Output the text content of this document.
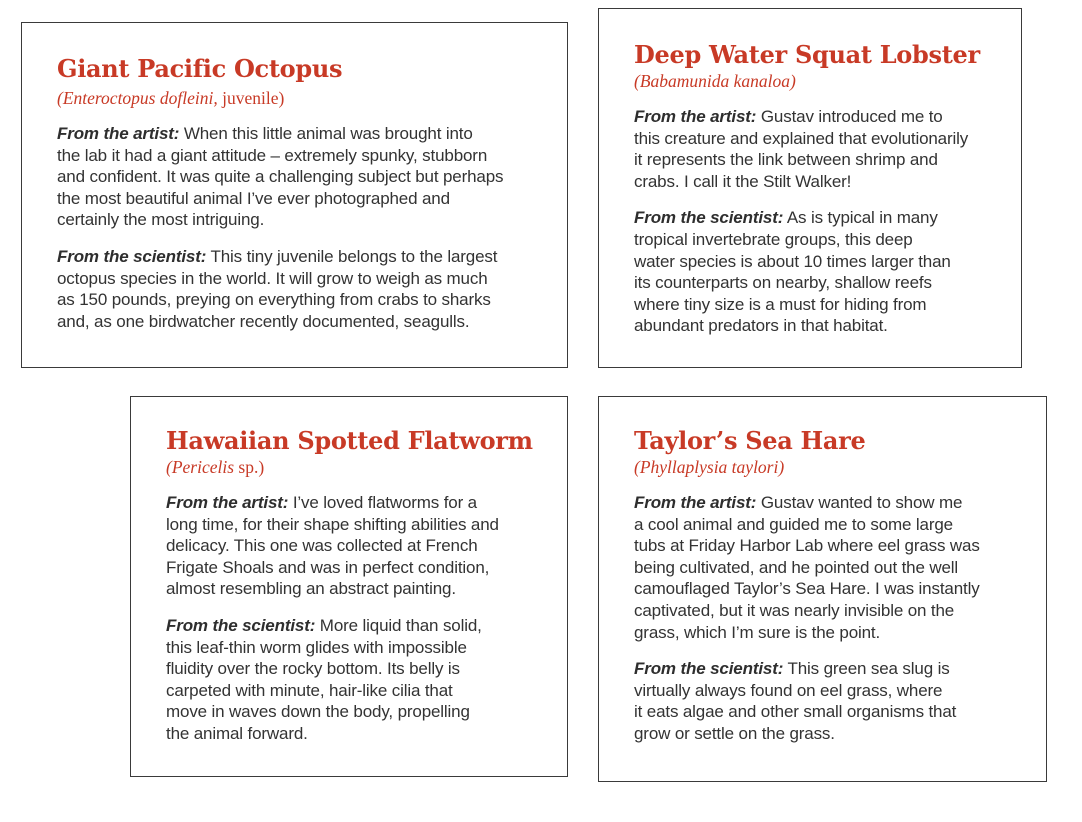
Giant Pacific Octopus

(Enteroctopus dofleini, juvenile)

From the artist: When this little animal was brought into
the lab it had a giant attitude – extremely spunky, stubborn
and confident. It was quite a challenging subject but perhaps
the most beautiful animal I’ve ever photographed and
certainly the most intriguing.

From the scientist: This tiny juvenile belongs to the largest
octopus species in the world. It will grow to weigh as much
as 150 pounds, preying on everything from crabs to sharks
and, as one birdwatcher recently documented, seagulls.

Deep Water Squat Lobster

(Babamunida kanaloa)

From the artist: Gustav introduced me to
this creature and explained that evolutionarily
it represents the link between shrimp and
crabs. I call it the Stilt Walker!

From the scientist: As is typical in many
tropical invertebrate groups, this deep
water species is about 10 times larger than
its counterparts on nearby, shallow reefs
where tiny size is a must for hiding from
abundant predators in that habitat.

Hawaiian Spotted Flatworm

(Pericelis sp.)

From the artist: I’ve loved flatworms for a
long time, for their shape shifting abilities and
delicacy. This one was collected at French
Frigate Shoals and was in perfect condition,
almost resembling an abstract painting.

From the scientist: More liquid than solid,
this leaf-thin worm glides with impossible
fluidity over the rocky bottom. Its belly is
carpeted with minute, hair-like cilia that
move in waves down the body, propelling
the animal forward.

Taylor’s Sea Hare

(Phyllaplysia taylori)

From the artist: Gustav wanted to show me
a cool animal and guided me to some large
tubs at Friday Harbor Lab where eel grass was
being cultivated, and he pointed out the well
camouflaged Taylor’s Sea Hare. I was instantly
captivated, but it was nearly invisible on the
grass, which I’m sure is the point.

From the scientist: This green sea slug is
virtually always found on eel grass, where
it eats algae and other small organisms that
grow or settle on the grass.
